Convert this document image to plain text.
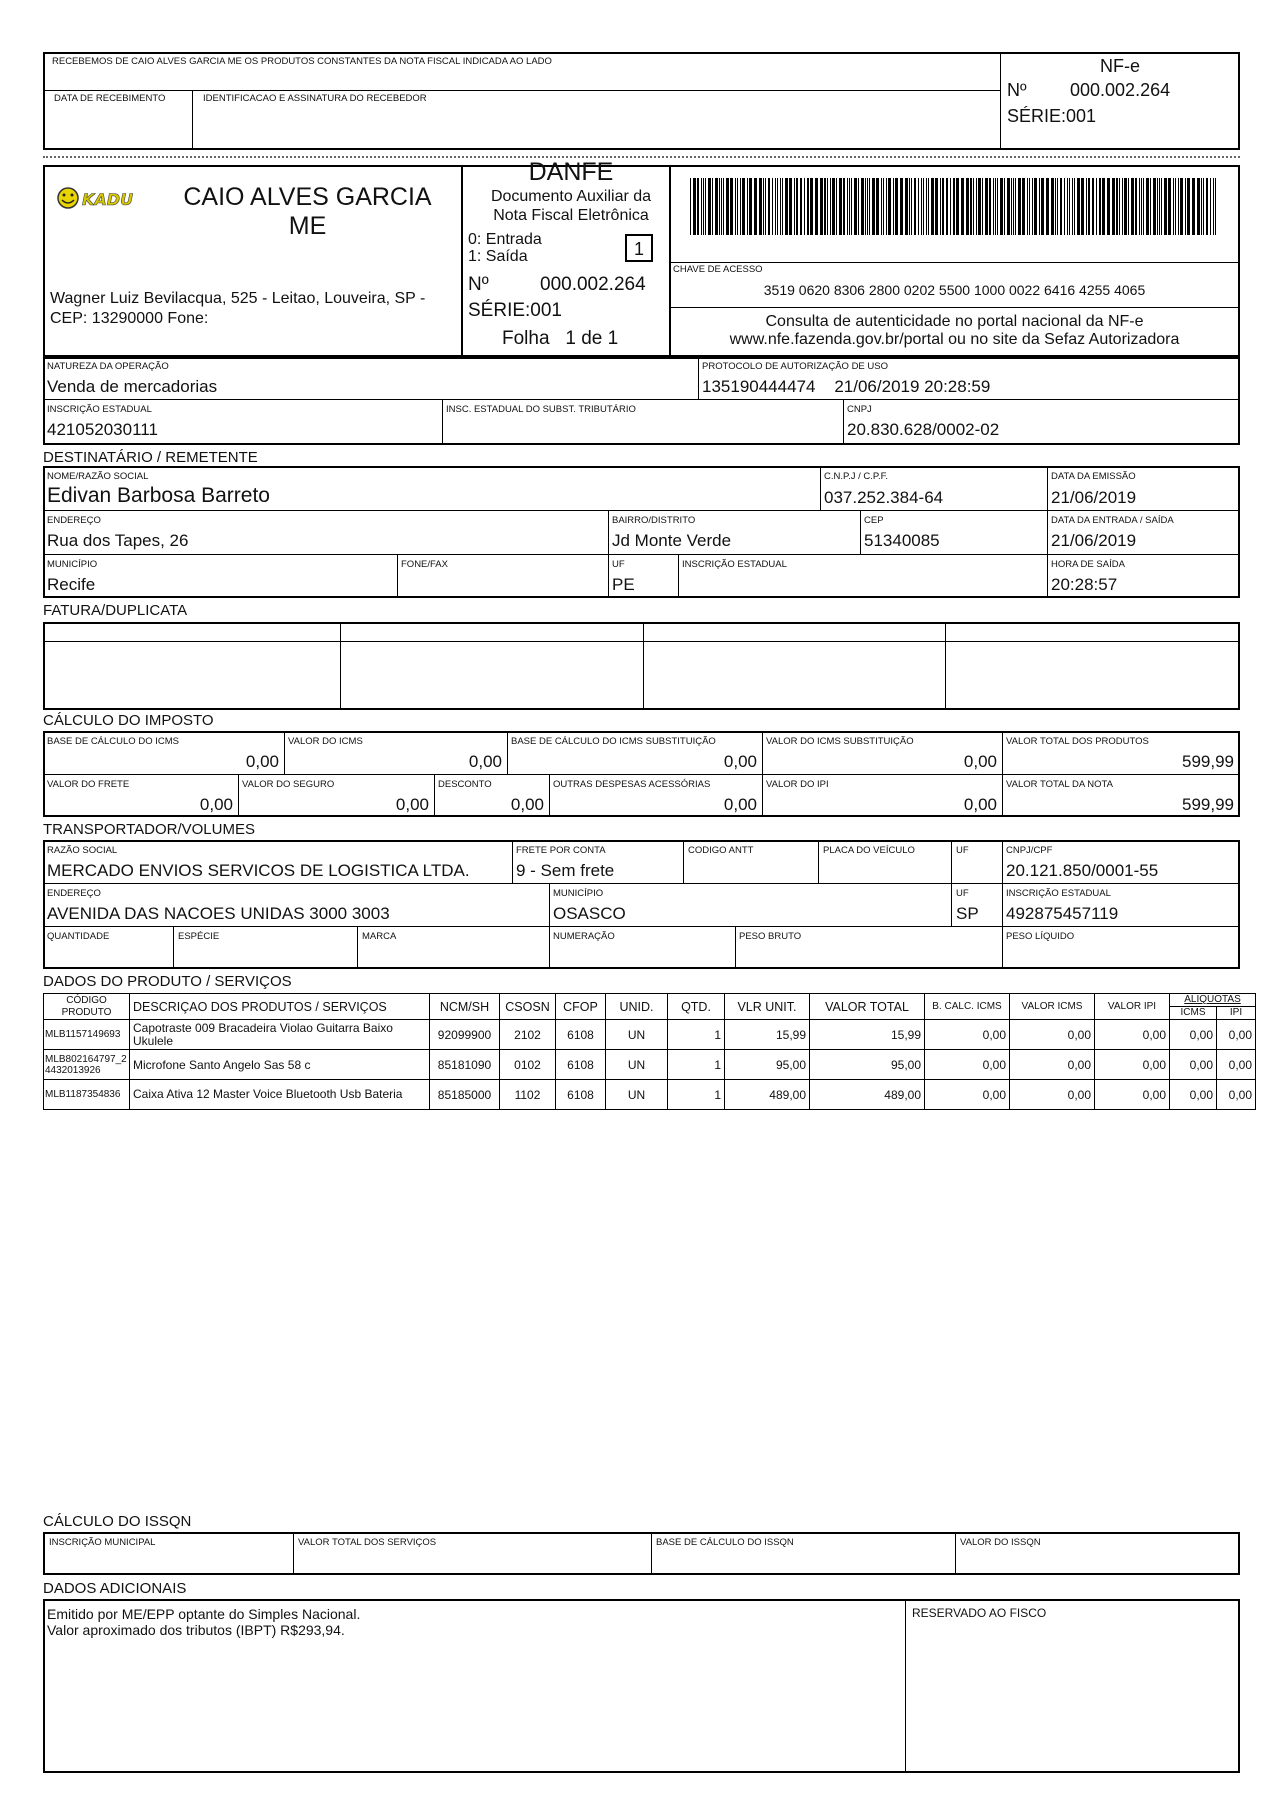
RECEBEMOS DE CAIO ALVES GARCIA ME OS PRODUTOS CONSTANTES DA NOTA FISCAL INDICADA AO LADO
DATA DE RECEBIMENTO	IDENTIFICACAO E ASSINATURA DO RECEBEDOR
NF-e
Nº 000.002.264
SÉRIE:001
KADU	CAIO ALVES GARCIA ME
Wagner Luiz Bevilacqua, 525 - Leitao, Louveira, SP - CEP: 13290000 Fone:
DANFE
Documento Auxiliar da
Nota Fiscal Eletrônica
0: Entrada
1: Saída	1
Nº	000.002.264
SÉRIE:001
Folha   1 de 1
CHAVE DE ACESSO
3519 0620 8306 2800 0202 5500 1000 0022 6416 4255 4065
Consulta de autenticidade no portal nacional da NF-e
www.nfe.fazenda.gov.br/portal ou no site da Sefaz Autorizadora
NATUREZA DA OPERAÇÃO
Venda de mercadorias
PROTOCOLO DE AUTORIZAÇÃO DE USO
135190444474    21/06/2019 20:28:59
INSCRIÇÃO ESTADUAL
421052030111
INSC. ESTADUAL DO SUBST. TRIBUTÁRIO	CNPJ
20.830.628/0002-02
DESTINATÁRIO / REMETENTE
NOME/RAZÃO SOCIAL
Edivan Barbosa Barreto
C.N.P.J / C.P.F.
037.252.384-64
DATA DA EMISSÃO
21/06/2019
ENDEREÇO
Rua dos Tapes, 26
BAIRRO/DISTRITO
Jd Monte Verde
CEP
51340085
DATA DA ENTRADA / SAÍDA
21/06/2019
MUNICÍPIO
Recife
FONE/FAX	UF
PE
INSCRIÇÃO ESTADUAL	HORA DE SAÍDA
20:28:57
FATURA/DUPLICATA
CÁLCULO DO IMPOSTO
BASE DE CÁLCULO DO ICMS
0,00
VALOR DO ICMS
0,00
BASE DE CÁLCULO DO ICMS SUBSTITUIÇÃO
0,00
VALOR DO ICMS SUBSTITUIÇÃO
0,00
VALOR TOTAL DOS PRODUTOS
599,99
VALOR DO FRETE
0,00
VALOR DO SEGURO
0,00
DESCONTO
0,00
OUTRAS DESPESAS ACESSÓRIAS
0,00
VALOR DO IPI
0,00
VALOR TOTAL DA NOTA
599,99
TRANSPORTADOR/VOLUMES
RAZÃO SOCIAL
MERCADO ENVIOS SERVICOS DE LOGISTICA LTDA.
FRETE POR CONTA
9 - Sem frete
CODIGO ANTT	PLACA DO VEÍCULO	UF	CNPJ/CPF
20.121.850/0001-55
ENDEREÇO
AVENIDA DAS NACOES UNIDAS 3000 3003
MUNICÍPIO
OSASCO
UF
SP
INSCRIÇÃO ESTADUAL
492875457119
QUANTIDADE	ESPÉCIE	MARCA	NUMERAÇÃO	PESO BRUTO	PESO LÍQUIDO
DADOS DO PRODUTO / SERVIÇOS
CÓDIGO PRODUTO	DESCRIÇAO DOS PRODUTOS / SERVIÇOS	NCM/SH	CSOSN	CFOP	UNID.	QTD.	VLR UNIT.	VALOR TOTAL	B. CALC. ICMS	VALOR ICMS	VALOR IPI	ALIQUOTAS	
												ICMS	IPI
MLB1157149693	Capotraste 009 Bracadeira Violao Guitarra Baixo Ukulele	92099900	2102	6108	UN	1	15,99	15,99	0,00	0,00	0,00	0,00	0,00
MLB802164797_24432013926	Microfone Santo Angelo Sas 58 c	85181090	0102	6108	UN	1	95,00	95,00	0,00	0,00	0,00	0,00	0,00
MLB1187354836	Caixa Ativa 12 Master Voice Bluetooth Usb Bateria	85185000	1102	6108	UN	1	489,00	489,00	0,00	0,00	0,00	0,00	0,00
CÁLCULO DO ISSQN
INSCRIÇÃO MUNICIPAL	VALOR TOTAL DOS SERVIÇOS	BASE DE CÁLCULO DO ISSQN	VALOR DO ISSQN
DADOS ADICIONAIS
Emitido por ME/EPP optante do Simples Nacional.
Valor aproximado dos tributos (IBPT) R$293,94.
RESERVADO AO FISCO
